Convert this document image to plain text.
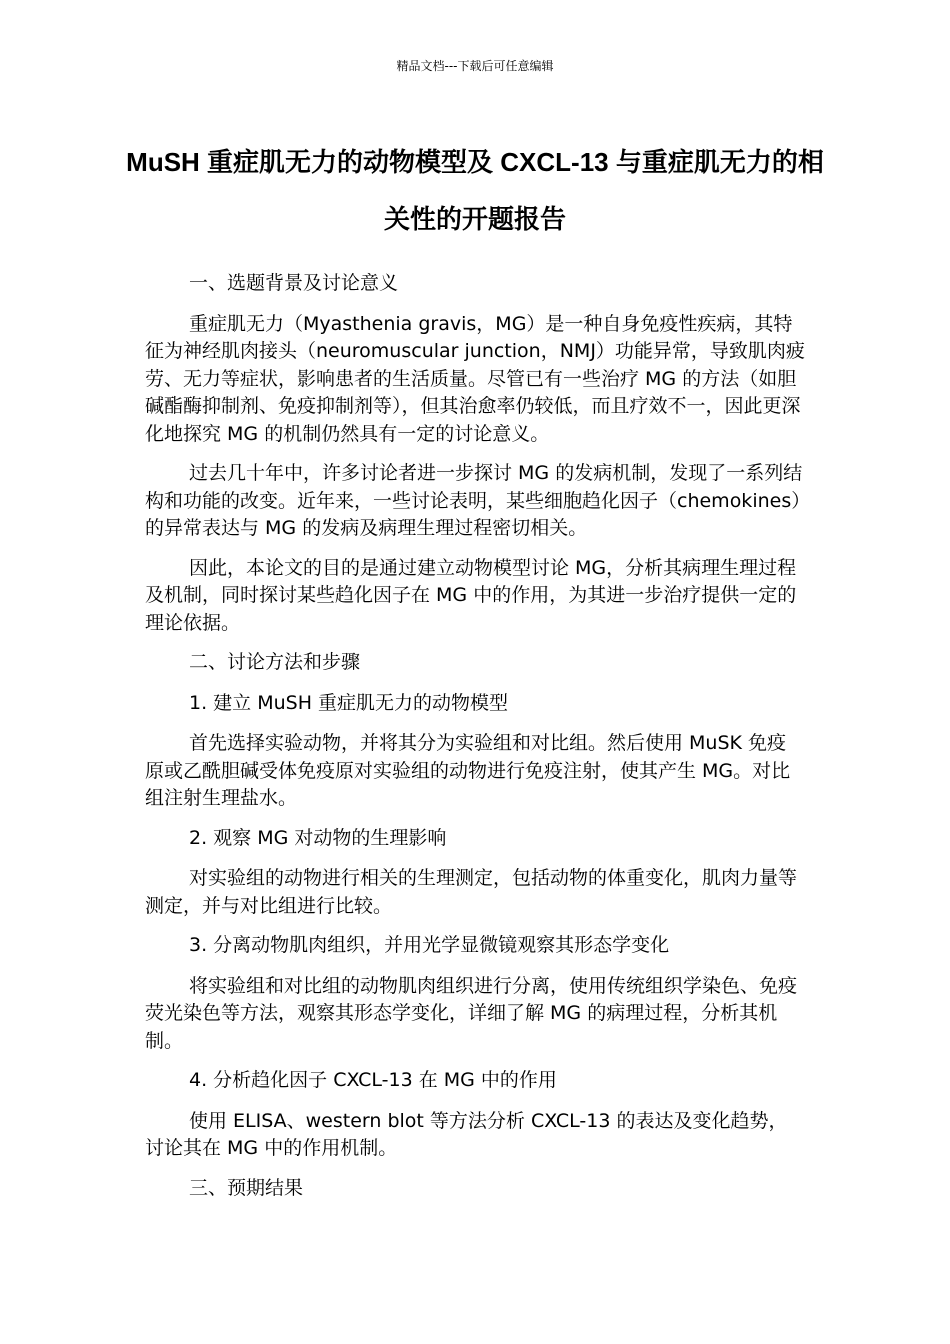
精品文档---下载后可任意编辑
MuSH 重症肌无力的动物模型及 CXCL-13 与重症肌无力的相关性的开题报告

一、选题背景及讨论意义

重症肌无力（Myasthenia gravis，MG）是一种自身免疫性疾病，其特征为神经肌肉接头（neuromuscular junction，NMJ）功能异常，导致肌肉疲劳、无力等症状，影响患者的生活质量。尽管已有一些治疗 MG 的方法（如胆碱酯酶抑制剂、免疫抑制剂等），但其治愈率仍较低，而且疗效不一，因此更深化地探究 MG 的机制仍然具有一定的讨论意义。

过去几十年中，许多讨论者进一步探讨 MG 的发病机制，发现了一系列结构和功能的改变。近年来，一些讨论表明，某些细胞趋化因子（chemokines）的异常表达与 MG 的发病及病理生理过程密切相关。

因此，本论文的目的是通过建立动物模型讨论 MG，分析其病理生理过程及机制，同时探讨某些趋化因子在 MG 中的作用，为其进一步治疗提供一定的理论依据。

二、讨论方法和步骤

1. 建立 MuSH 重症肌无力的动物模型

首先选择实验动物，并将其分为实验组和对比组。然后使用 MuSK 免疫原或乙酰胆碱受体免疫原对实验组的动物进行免疫注射，使其产生 MG。对比组注射生理盐水。

2. 观察 MG 对动物的生理影响

对实验组的动物进行相关的生理测定，包括动物的体重变化，肌肉力量等测定，并与对比组进行比较。

3. 分离动物肌肉组织，并用光学显微镜观察其形态学变化

将实验组和对比组的动物肌肉组织进行分离，使用传统组织学染色、免疫荧光染色等方法，观察其形态学变化，详细了解 MG 的病理过程，分析其机制。

4. 分析趋化因子 CXCL-13 在 MG 中的作用

使用 ELISA、western blot 等方法分析 CXCL-13 的表达及变化趋势，讨论其在 MG 中的作用机制。

三、预期结果
